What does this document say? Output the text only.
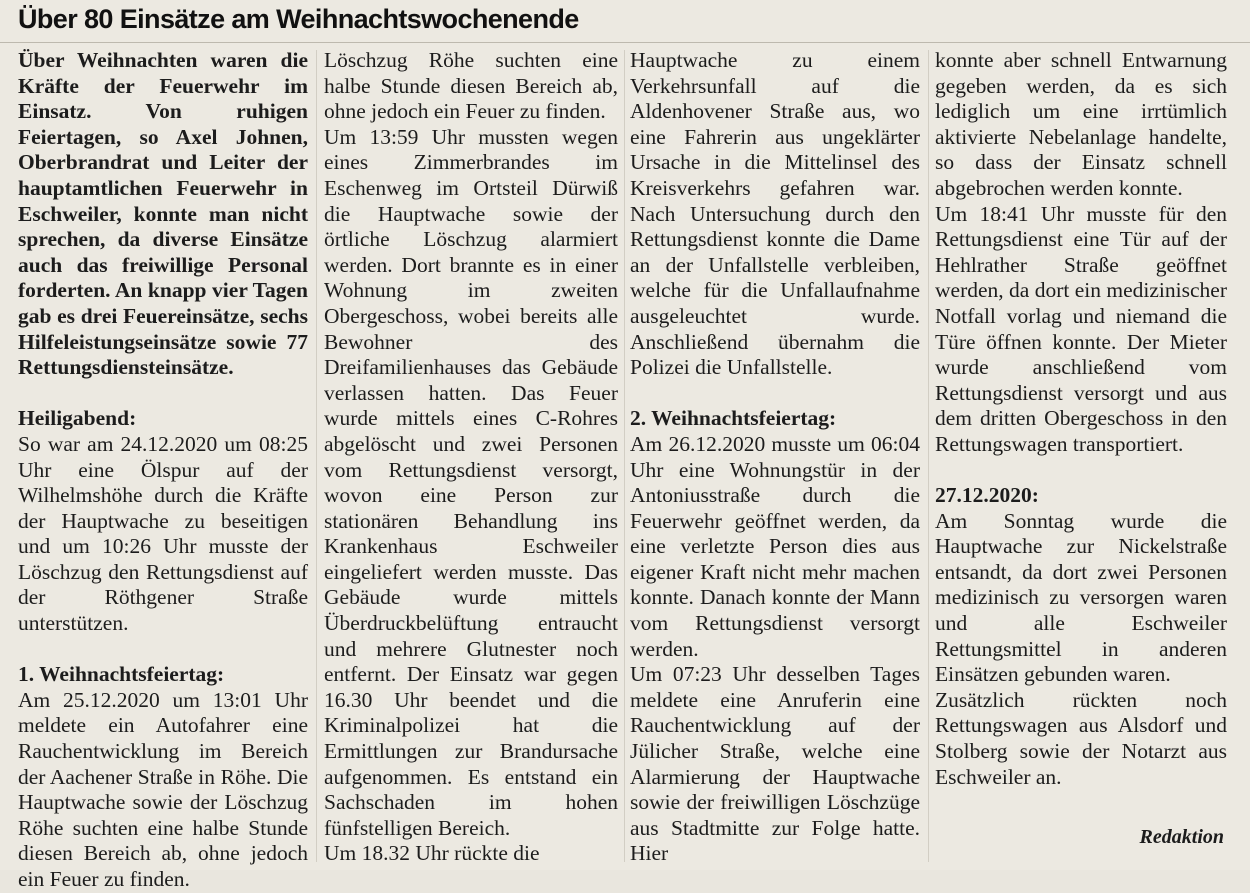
Über 80 Einsätze am Weihnachtswochenende

Über Weihnachten waren die Kräfte der Feuerwehr im Einsatz. Von ruhigen Feiertagen, so Axel Johnen, Oberbrandrat und Leiter der hauptamtlichen Feuerwehr in Eschweiler, konnte man nicht sprechen, da diverse Einsätze auch das freiwillige Personal forderten. An knapp vier Tagen gab es drei Feuereinsätze, sechs Hilfeleistungseinsätze sowie 77 Rettungsdiensteinsätze.

Heiligabend:

So war am 24.12.2020 um 08:25 Uhr eine Ölspur auf der Wilhelmshöhe durch die Kräfte der Hauptwache zu beseitigen und um 10:26 Uhr musste der Löschzug den Rettungsdienst auf der Röthgener Straße unterstützen.

1. Weihnachtsfeiertag:

Am 25.12.2020 um 13:01 Uhr meldete ein Autofahrer eine Rauchentwicklung im Bereich der Aachener Straße in Röhe. Die Hauptwache sowie der Löschzug Röhe suchten eine halbe Stunde diesen Bereich ab, ohne jedoch ein Feuer zu finden.

Löschzug Röhe suchten eine halbe Stunde diesen Bereich ab, ohne jedoch ein Feuer zu finden.

Um 13:59 Uhr mussten wegen eines Zimmerbrandes im Eschenweg im Ortsteil Dürwiß die Hauptwache sowie der örtliche Löschzug alarmiert werden. Dort brannte es in einer Wohnung im zweiten Obergeschoss, wobei bereits alle Bewohner des Dreifamilienhauses das Gebäude verlassen hatten. Das Feuer wurde mittels eines C-Rohres abgelöscht und zwei Personen vom Rettungsdienst versorgt, wovon eine Person zur stationären Behandlung ins Krankenhaus Eschweiler eingeliefert werden musste. Das Gebäude wurde mittels Überdruckbelüftung entraucht und mehrere Glutnester noch entfernt. Der Einsatz war gegen 16.30 Uhr beendet und die Kriminalpolizei hat die Ermittlungen zur Brandursache aufgenommen. Es entstand ein Sachschaden im hohen fünfstelligen Bereich.

Um 18.32 Uhr rückte die

Hauptwache zu einem Verkehrsunfall auf die Aldenhovener Straße aus, wo eine Fahrerin aus ungeklärter Ursache in die Mittelinsel des Kreisverkehrs gefahren war. Nach Untersuchung durch den Rettungsdienst konnte die Dame an der Unfallstelle verbleiben, welche für die Unfallaufnahme ausgeleuchtet wurde. Anschließend übernahm die Polizei die Unfallstelle.

2. Weihnachtsfeiertag:

Am 26.12.2020 musste um 06:04 Uhr eine Wohnungstür in der Antoniusstraße durch die Feuerwehr geöffnet werden, da eine verletzte Person dies aus eigener Kraft nicht mehr machen konnte. Danach konnte der Mann vom Rettungsdienst versorgt werden.

Um 07:23 Uhr desselben Tages meldete eine Anruferin eine Rauchentwicklung auf der Jülicher Straße, welche eine Alarmierung der Hauptwache sowie der freiwilligen Löschzüge aus Stadtmitte zur Folge hatte. Hier

konnte aber schnell Entwarnung gegeben werden, da es sich lediglich um eine irrtümlich aktivierte Nebelanlage handelte, so dass der Einsatz schnell abgebrochen werden konnte.

Um 18:41 Uhr musste für den Rettungsdienst eine Tür auf der Hehlrather Straße geöffnet werden, da dort ein medizinischer Notfall vorlag und niemand die Türe öffnen konnte. Der Mieter wurde anschließend vom Rettungsdienst versorgt und aus dem dritten Obergeschoss in den Rettungswagen transportiert.

27.12.2020:

Am Sonntag wurde die Hauptwache zur Nickelstraße entsandt, da dort zwei Personen medizinisch zu versorgen waren und alle Eschweiler Rettungsmittel in anderen Einsätzen gebunden waren.

Zusätzlich rückten noch Rettungswagen aus Alsdorf und Stolberg sowie der Notarzt aus Eschweiler an.

Redaktion
